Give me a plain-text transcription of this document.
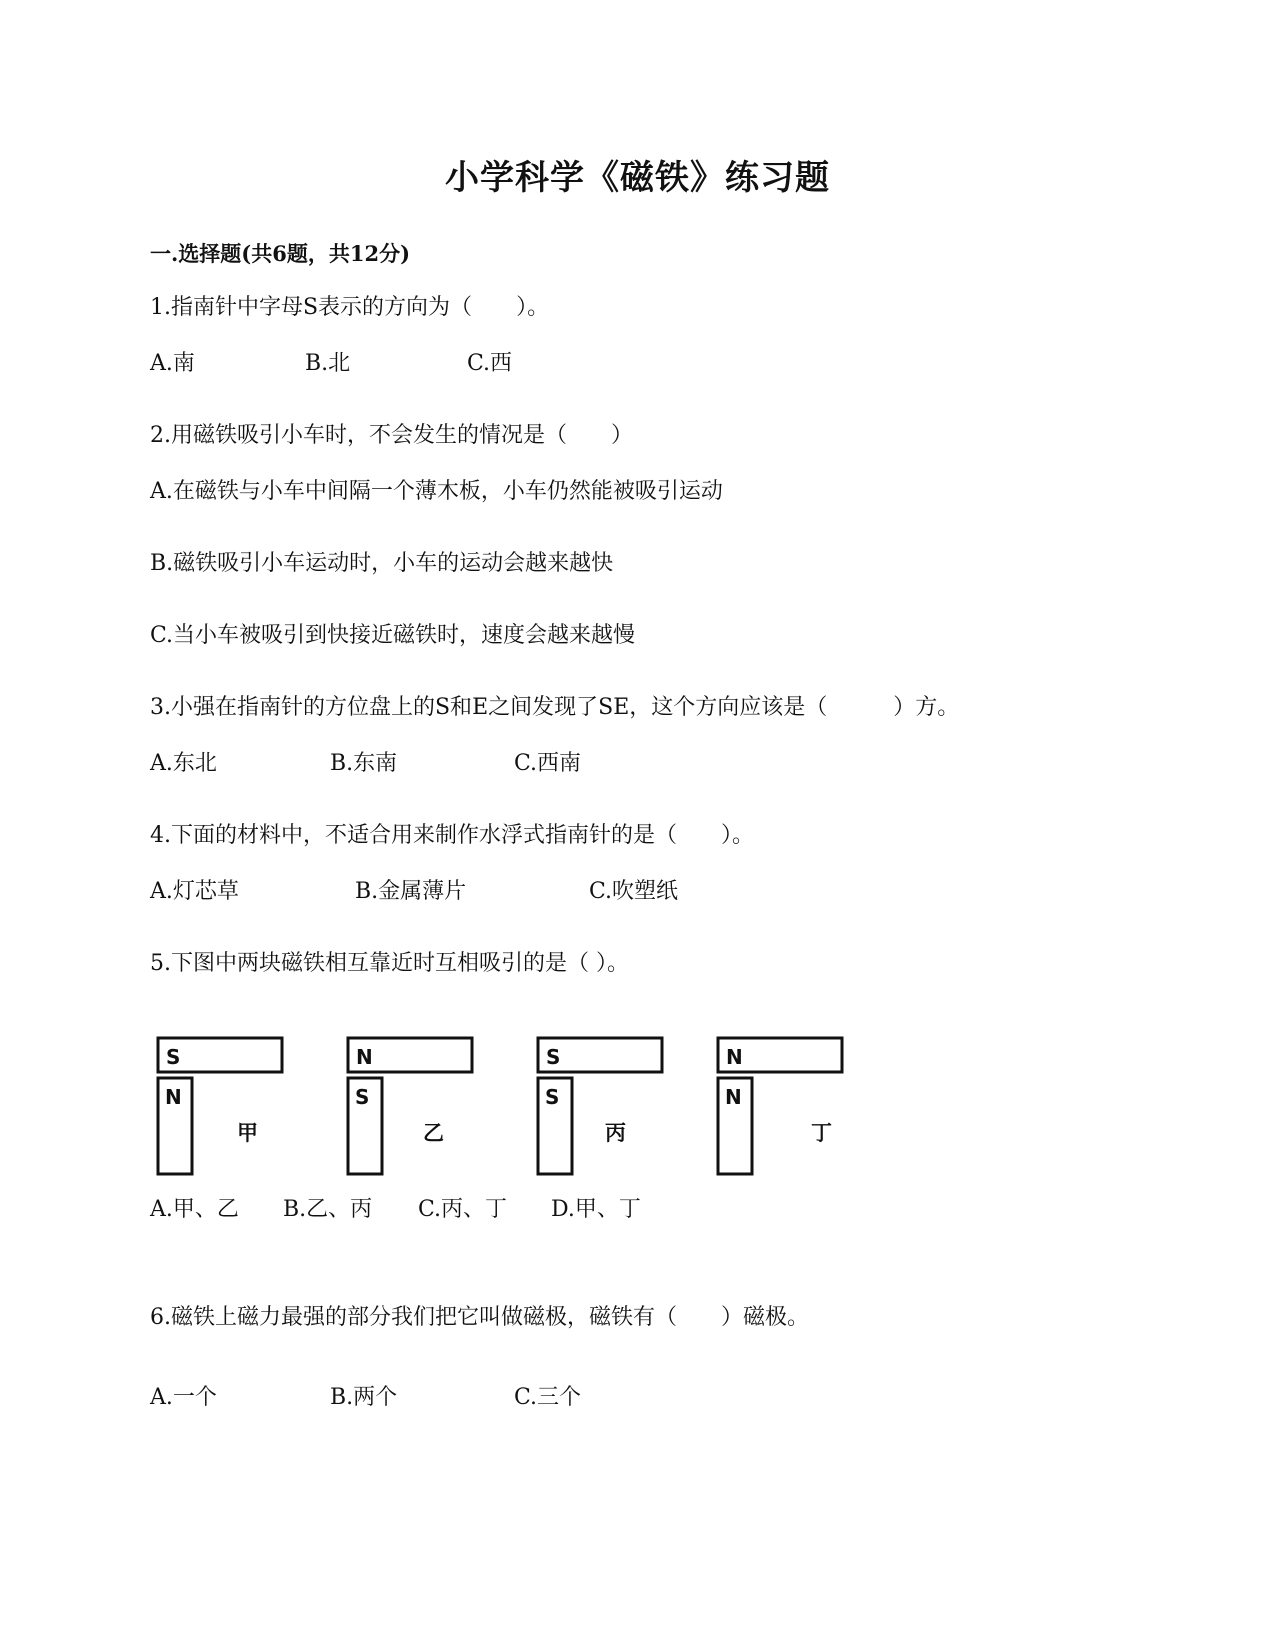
小学科学《磁铁》练习题
一.选择题(共6题，共12分)
1.指南针中字母S表示的方向为（　　）。
A.南	B.北	C.西
2.用磁铁吸引小车时，不会发生的情况是（　　）
A.在磁铁与小车中间隔一个薄木板，小车仍然能被吸引运动
B.磁铁吸引小车运动时，小车的运动会越来越快
C.当小车被吸引到快接近磁铁时，速度会越来越慢
3.小强在指南针的方位盘上的S和E之间发现了SE，这个方向应该是（　　　）方。
A.东北	B.东南	C.西南
4.下面的材料中，不适合用来制作水浮式指南针的是（　　）。
A.灯芯草	B.金属薄片	C.吹塑纸
5.下图中两块磁铁相互靠近时互相吸引的是（ ）。
S
N
甲
N
S
乙
S
S
丙
N
N
丁
A.甲、乙 B.乙、丙 C.丙、丁 D.甲、丁
6.磁铁上磁力最强的部分我们把它叫做磁极，磁铁有（　　）磁极。
A.一个	B.两个	C.三个
